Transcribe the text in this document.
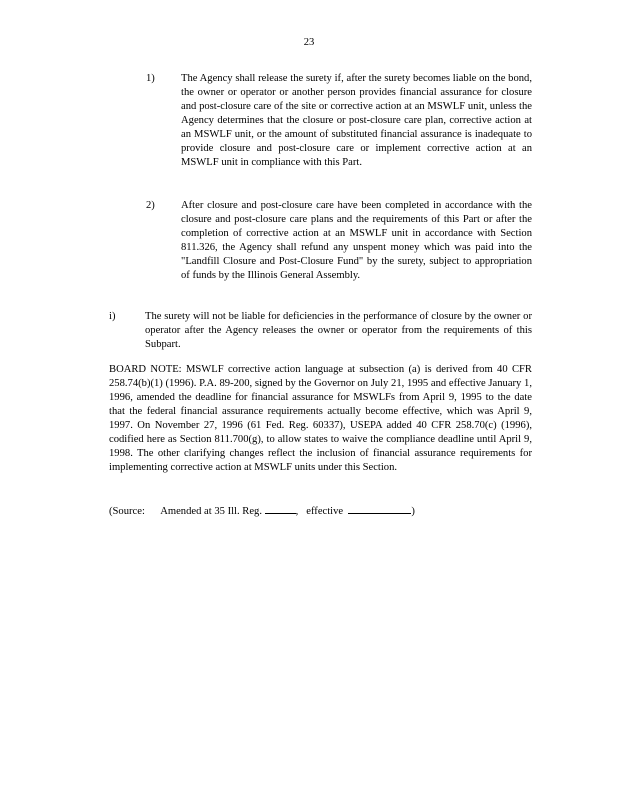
23
1) The Agency shall release the surety if, after the surety becomes liable on the bond, the owner or operator or another person provides financial assurance for closure and post-closure care of the site or corrective action at an MSWLF unit, unless the Agency determines that the closure or post-closure care plan, corrective action at an MSWLF unit, or the amount of substituted financial assurance is inadequate to provide closure and post-closure care or implement corrective action at an MSWLF unit in compliance with this Part.
2) After closure and post-closure care have been completed in accordance with the closure and post-closure care plans and the requirements of this Part or after the completion of corrective action at an MSWLF unit in accordance with Section 811.326, the Agency shall refund any unspent money which was paid into the "Landfill Closure and Post-Closure Fund" by the surety, subject to appropriation of funds by the Illinois General Assembly.
i)	The surety will not be liable for deficiencies in the performance of closure by the owner or operator after the Agency releases the owner or operator from the requirements of this Subpart.
BOARD NOTE: MSWLF corrective action language at subsection (a) is derived from 40 CFR 258.74(b)(1) (1996). P.A. 89-200, signed by the Governor on July 21, 1995 and effective January 1, 1996, amended the deadline for financial assurance for MSWLFs from April 9, 1995 to the date that the federal financial assurance requirements actually become effective, which was April 9, 1997. On November 27, 1996 (61 Fed. Reg. 60337), USEPA added 40 CFR 258.70(c) (1996), codified here as Section 811.700(g), to allow states to waive the compliance deadline until April 9, 1998. The other clarifying changes reflect the inclusion of financial assurance requirements for implementing corrective action at MSWLF units under this Section.
(Source: Amended at 35 Ill. Reg.	, effective	)
